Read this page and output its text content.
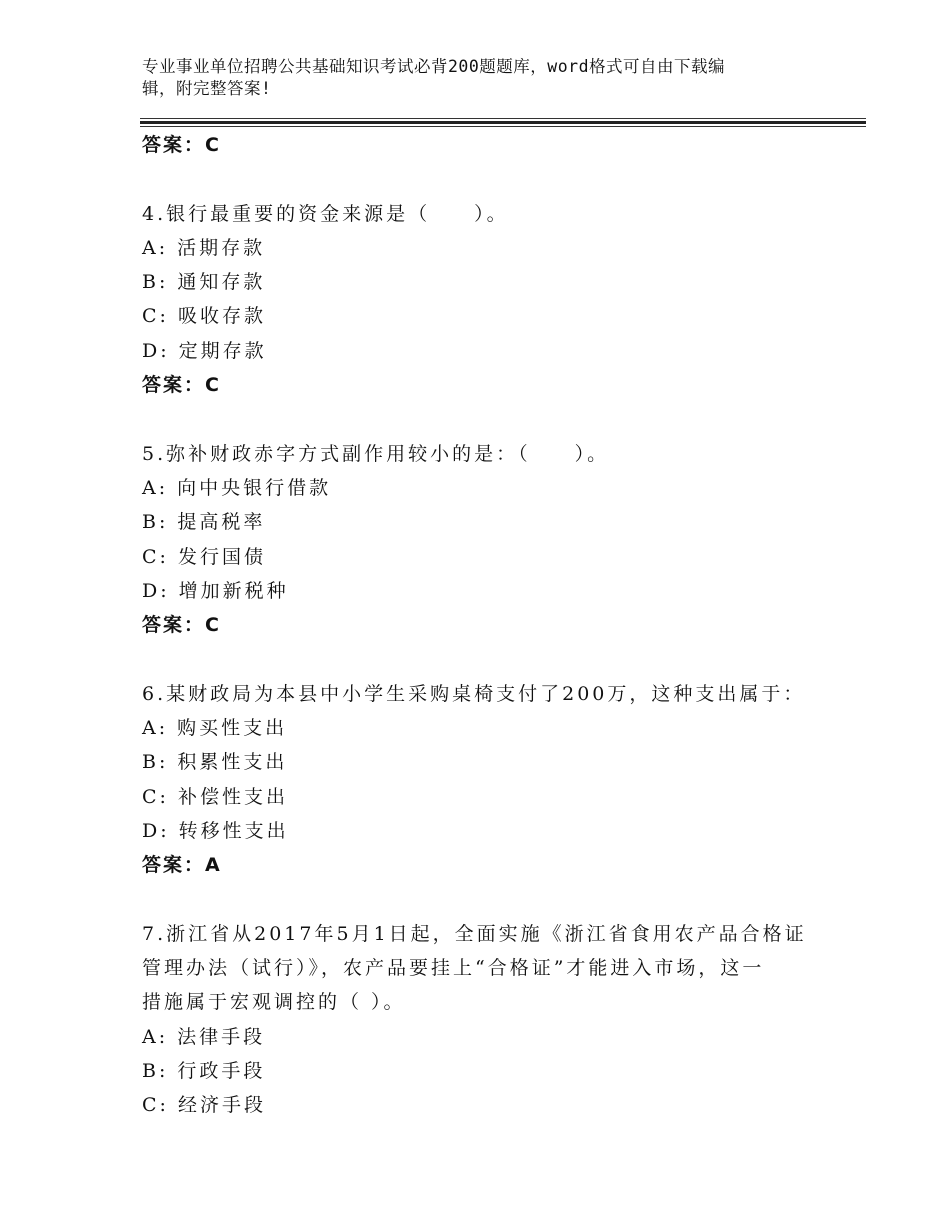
专业事业单位招聘公共基础知识考试必背200题题库，word格式可自由下载编
辑，附完整答案!
答案：C
4.银行最重要的资金来源是（　　）。
A: 活期存款
B: 通知存款
C: 吸收存款
D: 定期存款
答案：C
5.弥补财政赤字方式副作用较小的是：（　　）。
A: 向中央银行借款
B: 提高税率
C: 发行国债
D: 增加新税种
答案：C
6.某财政局为本县中小学生采购桌椅支付了200万，这种支出属于：
A: 购买性支出
B: 积累性支出
C: 补偿性支出
D: 转移性支出
答案：A
7.浙江省从2017年5月1日起，全面实施《浙江省食用农产品合格证
管理办法（试行）》，农产品要挂上“合格证”才能进入市场，这一
措施属于宏观调控的（ ）。
A: 法律手段
B: 行政手段
C: 经济手段
